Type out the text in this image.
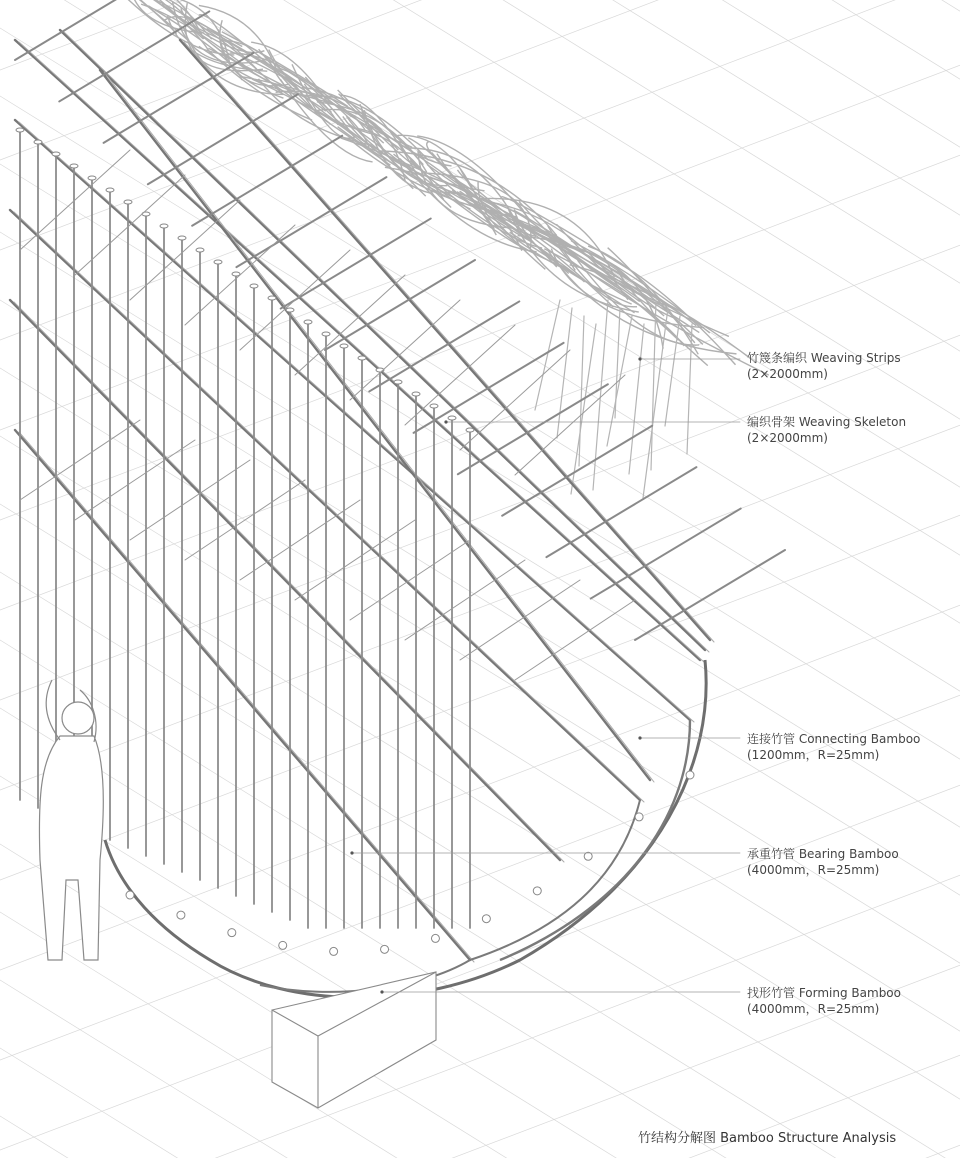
竹篾条编织 Weaving Strips
(2×2000mm)
编织骨架 Weaving Skeleton
(2×2000mm)
连接竹管 Connecting Bamboo
(1200mm，R=25mm)
承重竹管 Bearing Bamboo
(4000mm，R=25mm)
找形竹管 Forming Bamboo
(4000mm，R=25mm)
竹结构分解图 Bamboo Structure Analysis
